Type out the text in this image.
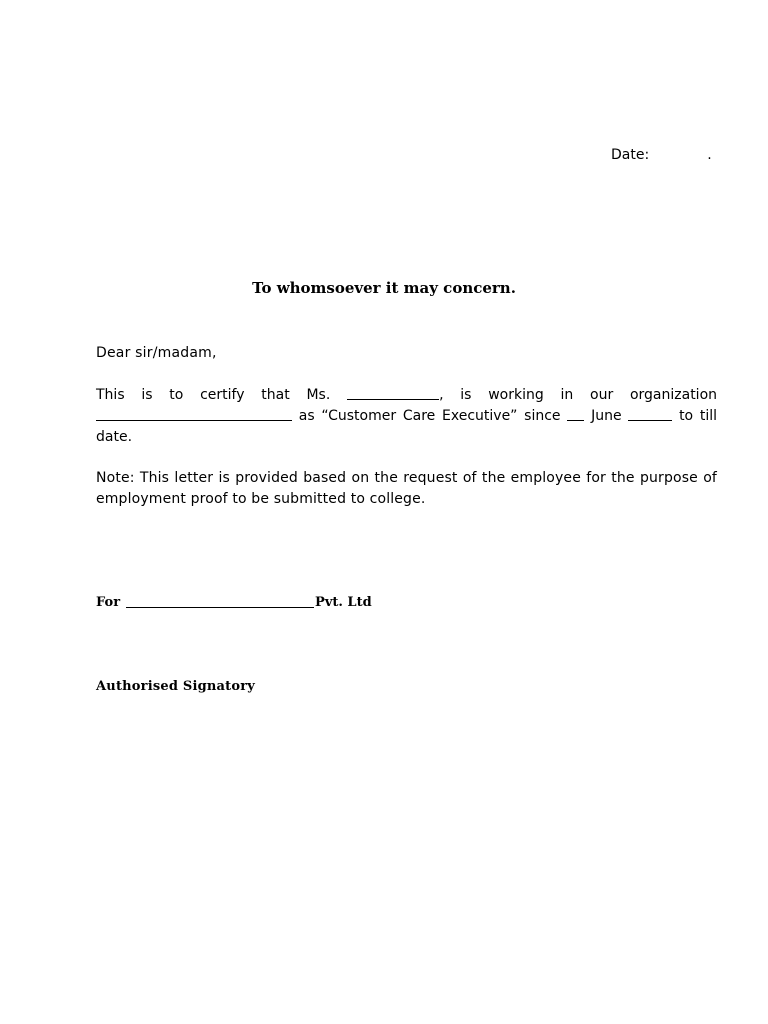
Date:	.
To whomsoever it may concern.
Dear sir/madam,
This is to certify that Ms.	, is working in our organization
as “Customer Care Executive” since June	to till
date.
Note: This letter is provided based on the request of the employee for the purpose of
employment proof to be submitted to college.
For	Pvt. Ltd
Authorised Signatory
